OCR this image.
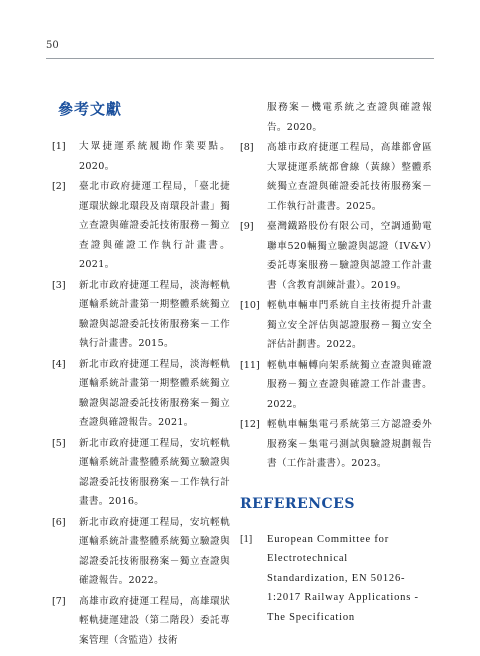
50
參考文獻
[1]	大眾捷運系統履勘作業要點。2020。
[2]	臺北市政府捷運工程局，「臺北捷運環狀線北環段及南環段計畫」獨立查證與確證委託技術服務－獨立查證與確證工作執行計畫書。2021。
[3]	新北市政府捷運工程局，淡海輕軌運輸系統計畫第一期整體系統獨立驗證與認證委託技術服務案－工作執行計畫書。2015。
[4]	新北市政府捷運工程局，淡海輕軌運輸系統計畫第一期整體系統獨立驗證與認證委託技術服務案－獨立查證與確證報告。2021。
[5]	新北市政府捷運工程局，安坑輕軌運輸系統計畫整體系統獨立驗證與認證委託技術服務案－工作執行計畫書。2016。
[6]	新北市政府捷運工程局，安坑輕軌運輸系統計畫整體系統獨立驗證與認證委託技術服務案－獨立查證與確證報告。2022。
[7]	高雄市政府捷運工程局，高雄環狀輕軌捷運建設（第二階段）委託專案管理（含監造）技術
服務案－機電系統之查證與確證報告。2020。
[8]	高雄市政府捷運工程局，高雄都會區大眾捷運系統都會線（黃線）整體系統獨立查證與確證委託技術服務案－工作執行計畫書。2025。
[9]	臺灣鐵路股份有限公司，空調通勤電聯車520輛獨立驗證與認證（IV&V）委託專案服務－驗證與認證工作計畫書（含教育訓練計畫）。2019。
[10] 輕軌車輛車門系統自主技術提升計畫獨立安全評估與認證服務－獨立安全評估計劃書。2022。
[11] 輕軌車輛轉向架系統獨立查證與確證服務－獨立查證與確證工作計畫書。2022。
[12] 輕軌車輛集電弓系統第三方認證委外服務案－集電弓測試與驗證規劃報告書（工作計畫書）。2023。
REFERENCES
[1]	European Committee for Electrotechnical Standardization, EN 50126-1:2017 Railway Applications - The Specification
